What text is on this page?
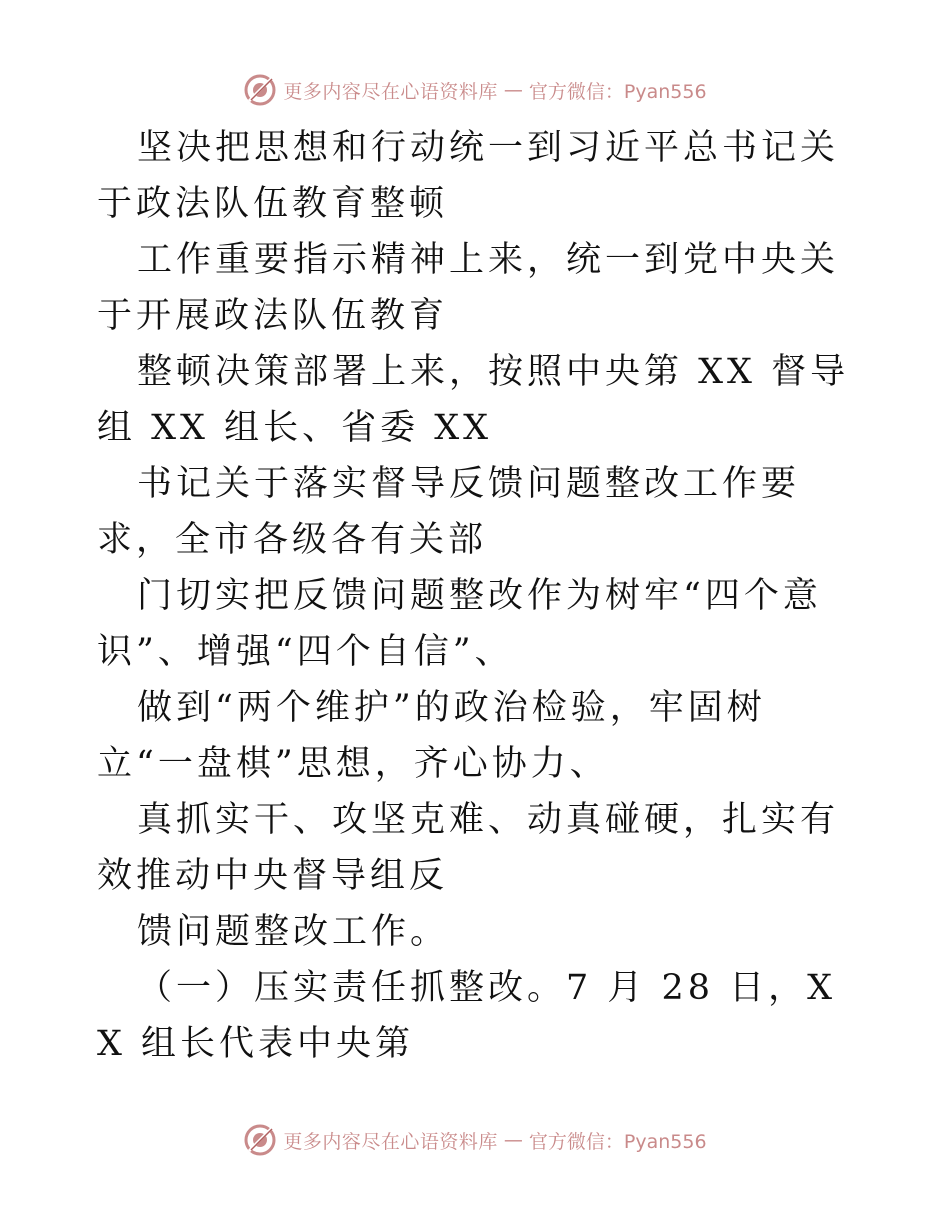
更多内容尽在心语资料库 — 官方微信：Pyan556

坚决把思想和行动统一到习近平总书记关于政法队伍教育整顿

工作重要指示精神上来，统一到党中央关于开展政法队伍教育

整顿决策部署上来，按照中央第 XX 督导组 XX 组长、省委 XX

书记关于落实督导反馈问题整改工作要求，全市各级各有关部

门切实把反馈问题整改作为树牢“四个意识”、增强“四个自信”、

做到“两个维护”的政治检验，牢固树立“一盘棋”思想，齐心协力、

真抓实干、攻坚克难、动真碰硬，扎实有效推动中央督导组反

馈问题整改工作。

（一）压实责任抓整改。7 月 28 日，XX 组长代表中央第

更多内容尽在心语资料库 — 官方微信：Pyan556
